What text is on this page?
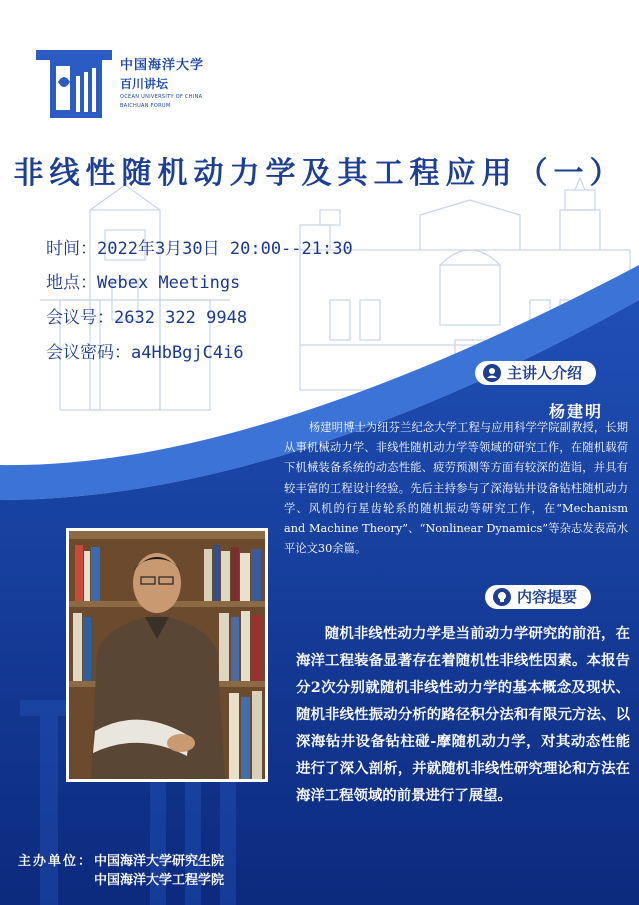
中国海洋大学
百川讲坛
OCEAN UNIVERSITY OF CHINA
BAICHUAN FORUM
非线性随机动力学及其工程应用（一）
时间：2022年3月30日 20:00--21:30
地点：Webex Meetings
会议号：2632 322 9948
会议密码：a4HbBgjC4i6
主讲人介绍
杨建明
杨建明博士为纽芬兰纪念大学工程与应用科学学院副教授，长期从事机械动力学、非线性随机动力学等领域的研究工作，在随机载荷下机械装备系统的动态性能、疲劳预测等方面有较深的造诣，并具有较丰富的工程设计经验。先后主持参与了深海钻井设备钻柱随机动力学、风机的行星齿轮系的随机振动等研究工作，在“Mechanism and Machine Theory”、“Nonlinear Dynamics”等杂志发表高水平论文30余篇。
内容提要
随机非线性动力学是当前动力学研究的前沿，在海洋工程装备显著存在着随机性非线性因素。本报告分2次分别就随机非线性动力学的基本概念及现状、随机非线性振动分析的路径积分法和有限元方法、以深海钻井设备钻柱碰-摩随机动力学，对其动态性能进行了深入剖析，并就随机非线性研究理论和方法在海洋工程领域的前景进行了展望。
主办单位：中国海洋大学研究生院
中国海洋大学工程学院
